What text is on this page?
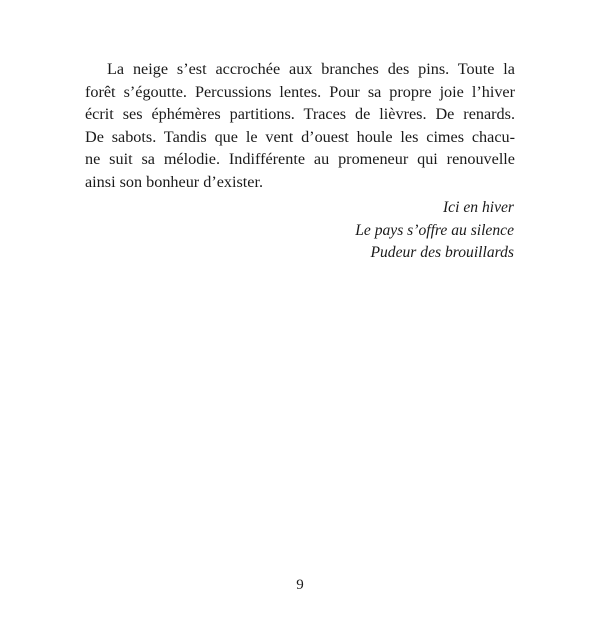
La neige s’est accrochée aux branches des pins. Toute la
forêt s’égoutte. Percussions lentes. Pour sa propre joie l’hiver
écrit ses éphémères partitions. Traces de lièvres. De renards.
De sabots. Tandis que le vent d’ouest houle les cimes chacu-
ne suit sa mélodie. Indifférente au promeneur qui renouvelle
ainsi son bonheur d’exister.
Ici en hiver
Le pays s’offre au silence
Pudeur des brouillards
9
